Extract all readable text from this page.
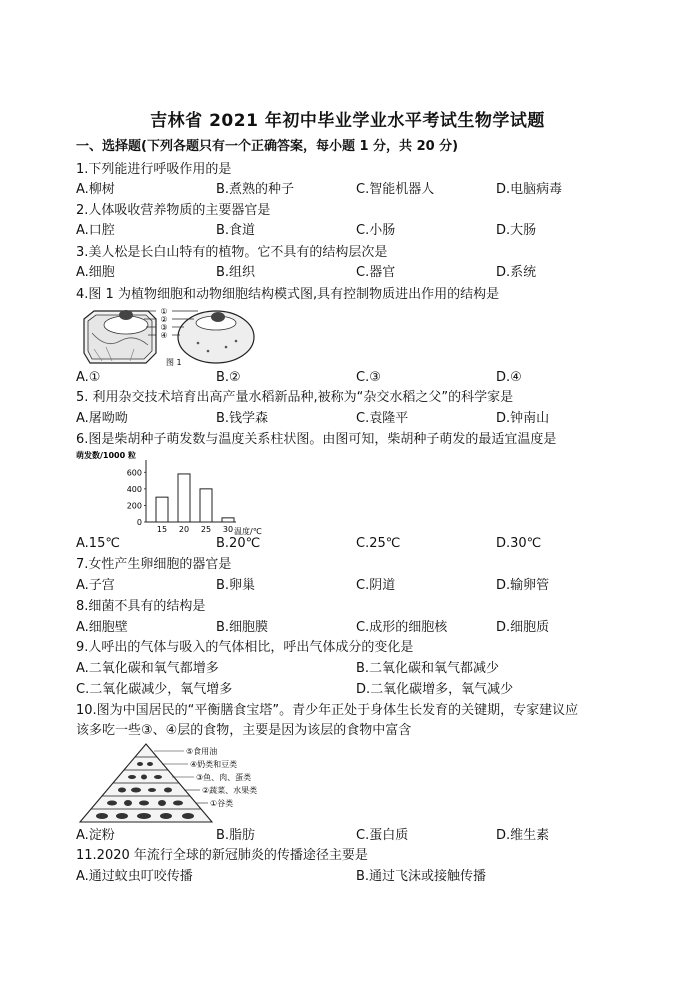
吉林省 2021 年初中毕业学业水平考试生物学试题
一、选择题(下列各题只有一个正确答案，每小题 1 分，共 20 分)
1.下列能进行呼吸作用的是
A.柳树	B.煮熟的种子	C.智能机器人	D.电脑病毒
2.人体吸收营养物质的主要器官是
A.口腔	B.食道	C.小肠	D.大肠
3.美人松是长白山特有的植物。它不具有的结构层次是
A.细胞	B.组织	C.器官	D.系统
4.图 1 为植物细胞和动物细胞结构模式图,具有控制物质进出作用的结构是
①
②
③
④
图 1
A.①	B.②	C.③	D.④
5. 利用杂交技术培育出高产量水稻新品种,被称为“杂交水稻之父”的科学家是
A.屠呦呦	B.钱学森	C.袁隆平	D.钟南山
6.图是柴胡种子萌发数与温度关系柱状图。由图可知，柴胡种子萌发的最适宜温度是
萌发数/1000 粒
0
200
400
600
15 20 25 30 温度/℃
A.15℃	B.20℃	C.25℃	D.30℃
7.女性产生卵细胞的器官是
A.子宫	B.卵巢	C.阴道	D.输卵管
8.细菌不具有的结构是
A.细胞壁	B.细胞膜	C.成形的细胞核	D.细胞质
9.人呼出的气体与吸入的气体相比，呼出气体成分的变化是
A.二氧化碳和氧气都增多	B.二氧化碳和氧气都减少
C.二氧化碳减少，氧气增多	D.二氧化碳增多，氧气减少
10.图为中国居民的“平衡膳食宝塔”。青少年正处于身体生长发育的关键期，专家建议应
该多吃一些③、④层的食物，主要是因为该层的食物中富含
⑤食用油
④奶类和豆类
③鱼、肉、蛋类
②蔬菜、水果类
①谷类
A.淀粉	B.脂肪	C.蛋白质	D.维生素
11.2020 年流行全球的新冠肺炎的传播途径主要是
A.通过蚊虫叮咬传播	B.通过飞沫或接触传播
